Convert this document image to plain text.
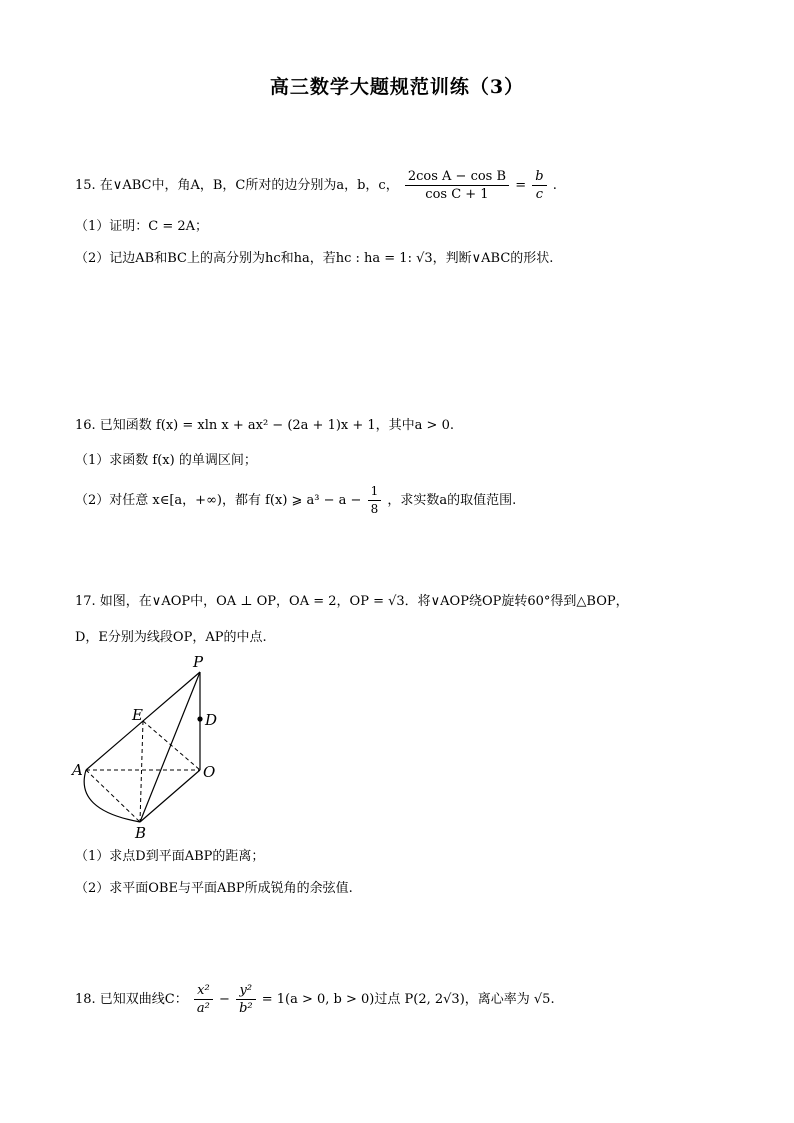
高三数学大题规范训练（3）
15. 在∨ABC中，角A，B，C所对的边分别为a，b，c， $\frac{\text{2cos A − cos B}}{\text{cos C + 1}} = \frac{b}{c}$ .
（1）证明：C = 2A；
（2）记边AB和BC上的高分别为hc和ha，若hc : ha = 1: √3，判断∨ABC的形状.
16. 已知函数 f(x) = xln x + ax² − (2a + 1)x + 1，其中a > 0.
（1）求函数 f(x) 的单调区间；
（2）对任意 x∈[a，+∞)，都有 f(x) ⩾ $a^3 - a - \frac{1}{8}$ ，求实数a的取值范围.
17. 如图，在∨AOP中，OA ⊥ OP，OA = 2，OP = √3．将∨AOP绕OP旋转60°得到△BOP，
D，E分别为线段OP，AP的中点.
P
E	D
A	O
B
（1）求点D到平面ABP的距离；
（2）求平面OBE与平面ABP所成锐角的余弦值.
18. 已知双曲线C： $\frac{\text{x²}}{\text{a²}} - \frac{\text{y²}}{\text{b²}} = 1(a > 0$, b > 0)过点 P(2, 2√3)，离心率为 √5.
